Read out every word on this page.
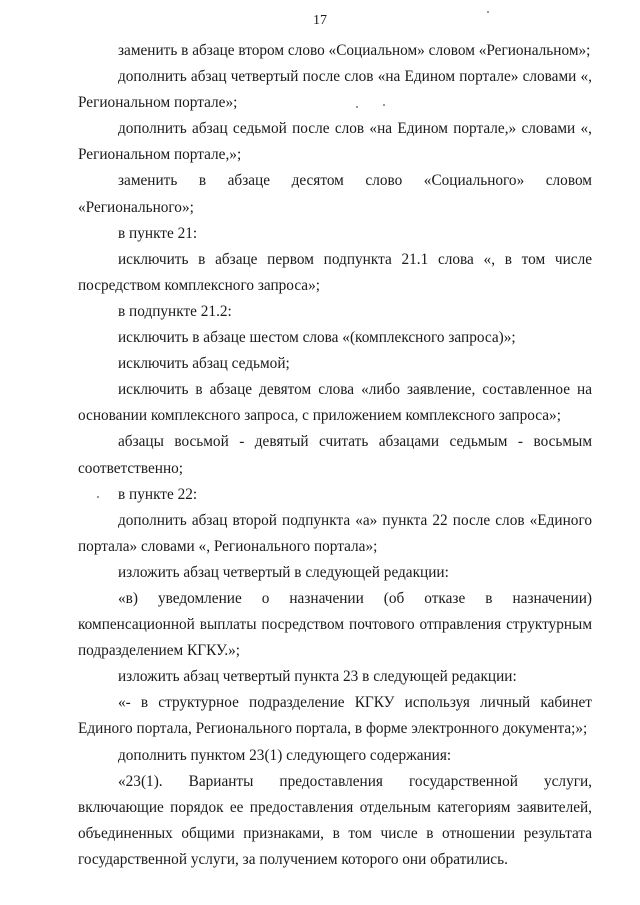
17

заменить в абзаце втором слово «Социальном» словом «Региональном»;

дополнить абзац четвертый после слов «на Едином портале» словами «, Региональном портале»;

дополнить абзац седьмой после слов «на Едином портале,» словами «, Региональном портале,»;

заменить в абзаце десятом слово «Социального» словом «Регионального»;

в пункте 21:

исключить в абзаце первом подпункта 21.1 слова «, в том числе посредством комплексного запроса»;

в подпункте 21.2:

исключить в абзаце шестом слова «(комплексного запроса)»;

исключить абзац седьмой;

исключить в абзаце девятом слова «либо заявление, составленное на основании комплексного запроса, с приложением комплексного запроса»;

абзацы восьмой - девятый считать абзацами седьмым - восьмым соответственно;

в пункте 22:

дополнить абзац второй подпункта «а» пункта 22 после слов «Единого портала» словами «, Регионального портала»;

изложить абзац четвертый в следующей редакции:

«в) уведомление о назначении (об отказе в назначении) компенсационной выплаты посредством почтового отправления структурным подразделением КГКУ.»;

изложить абзац четвертый пункта 23 в следующей редакции:

«- в структурное подразделение КГКУ используя личный кабинет Единого портала, Регионального портала, в форме электронного документа;»;

дополнить пунктом 23(1) следующего содержания:

«23(1). Варианты предоставления государственной услуги, включающие порядок ее предоставления отдельным категориям заявителей, объединенных общими признаками, в том числе в отношении результата государственной услуги, за получением которого они обратились.
